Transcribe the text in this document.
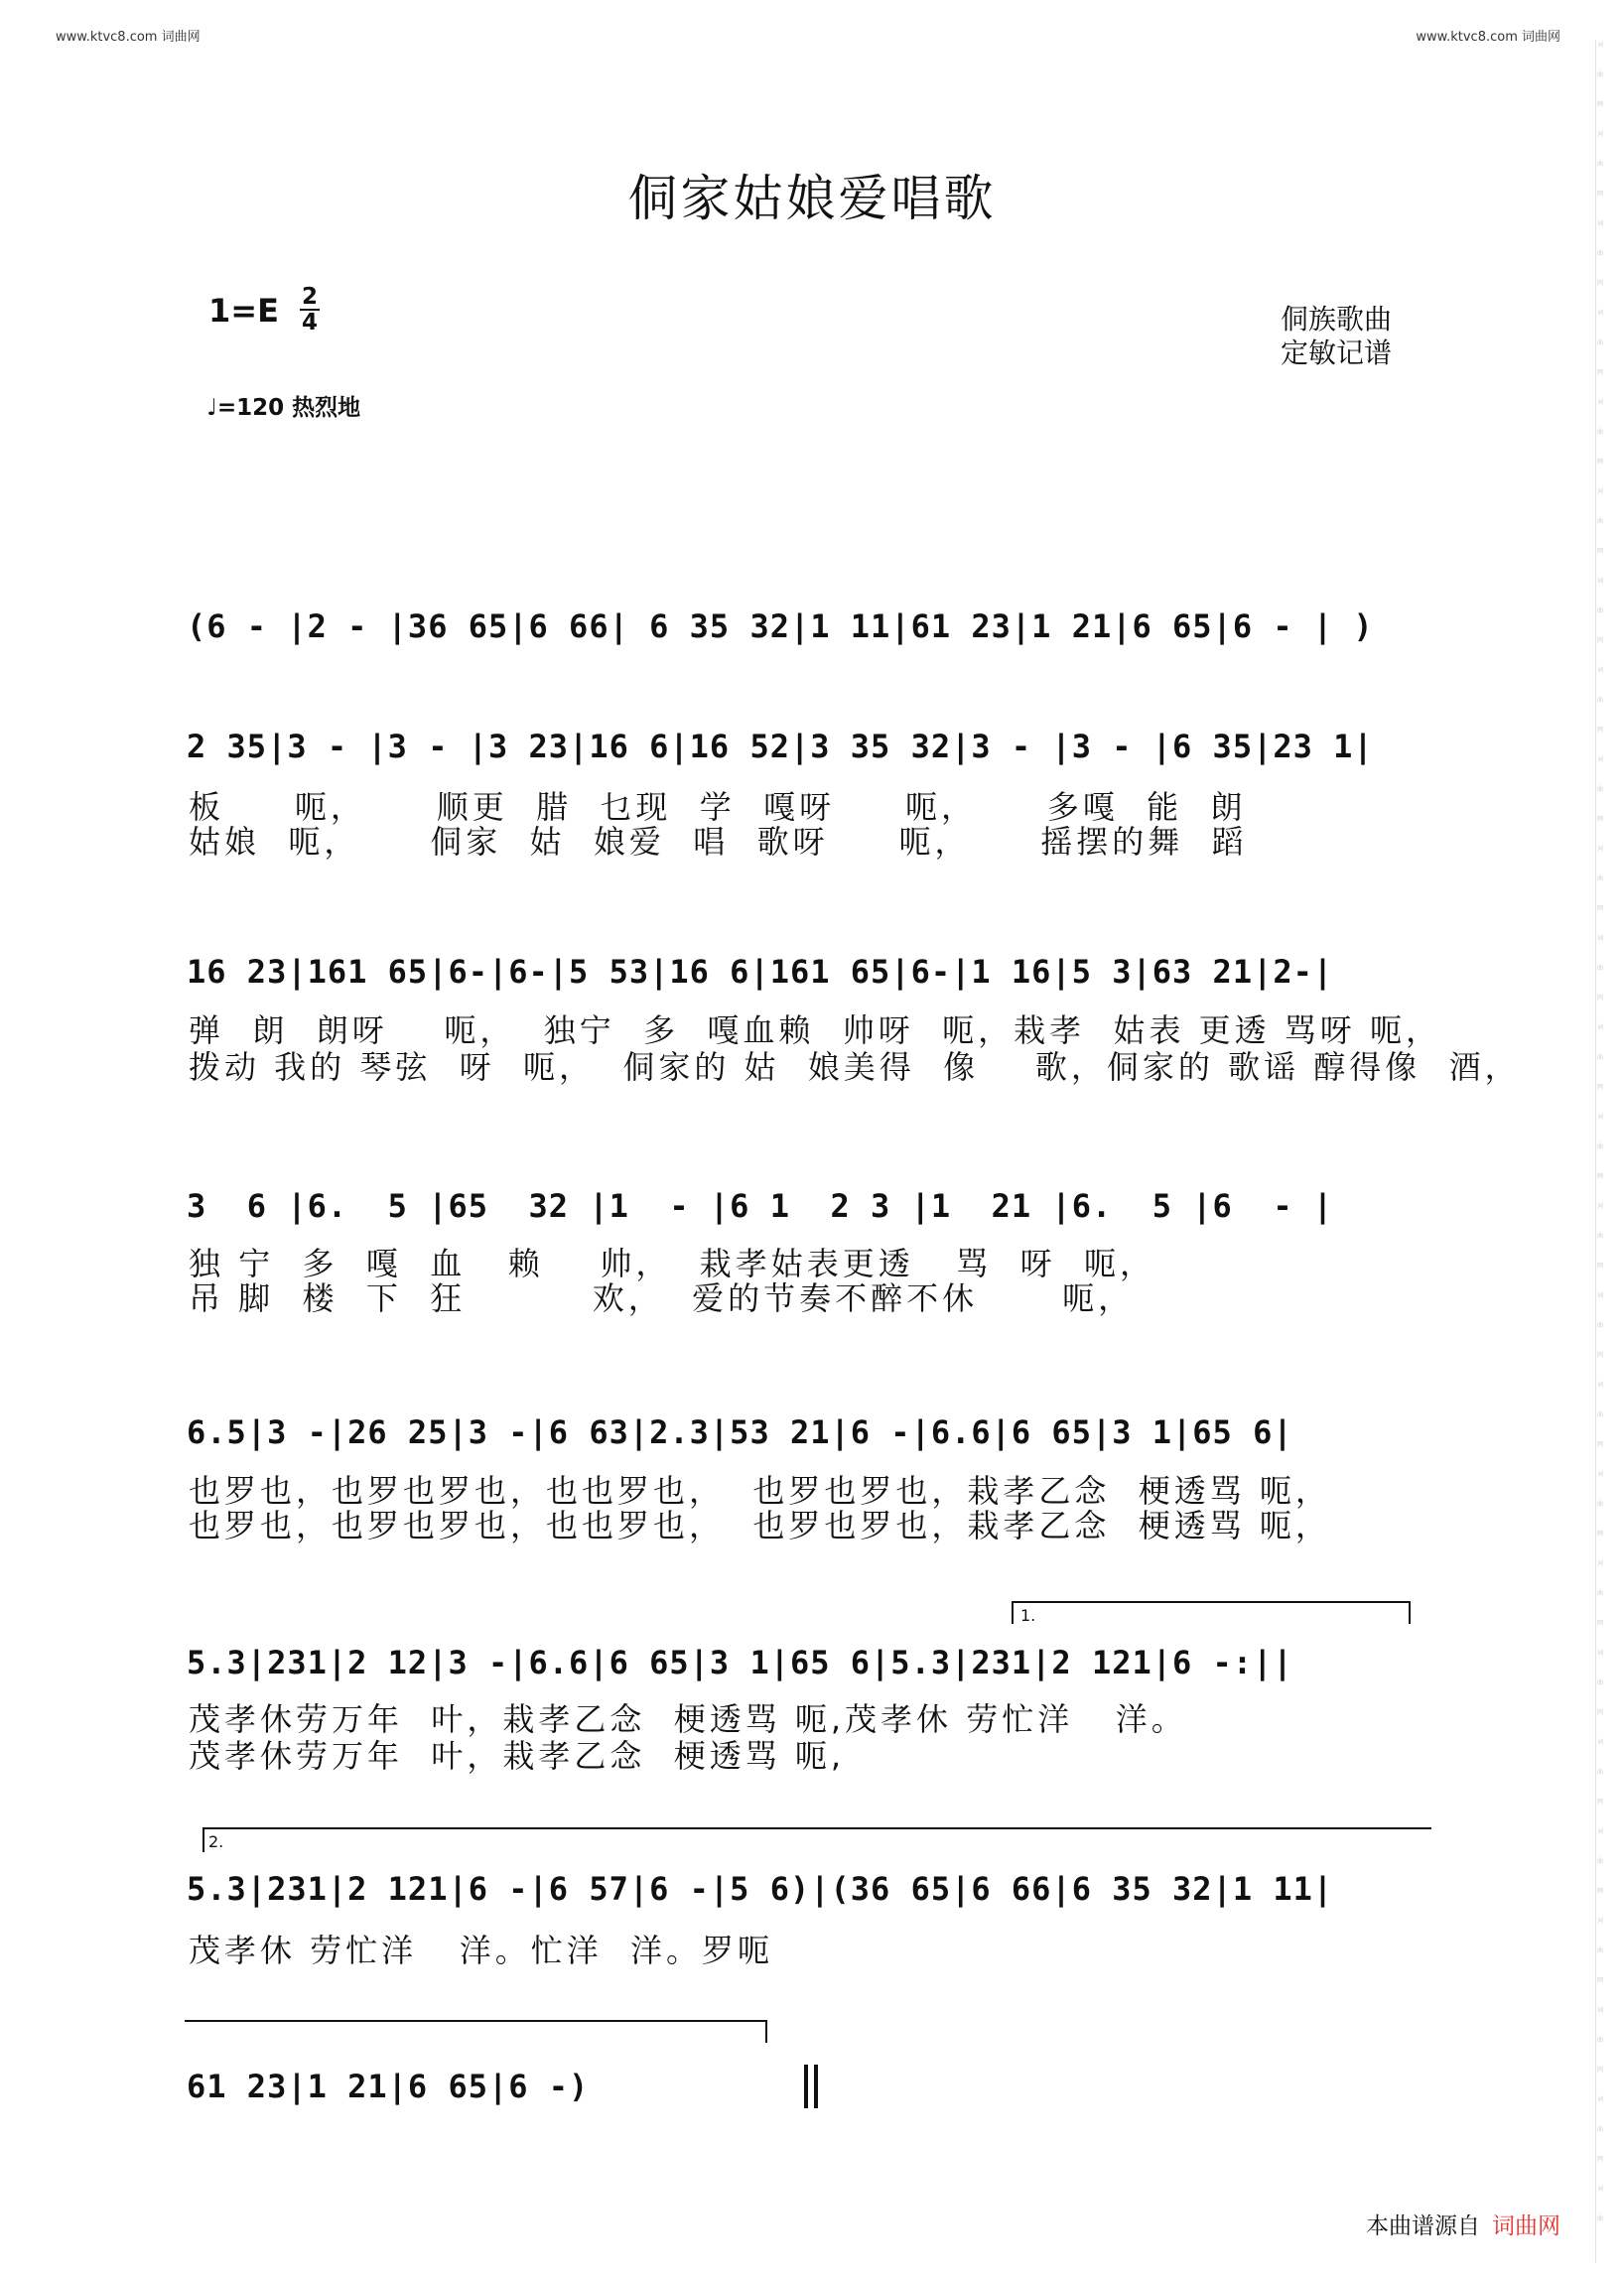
www.ktvc8.com 词曲网	www.ktvc8.com 词曲网
词
曲
网
词
曲
网
词
曲
网
词
曲
网
词
曲
网
词
曲
网
词
曲
网
词
曲
网
词
曲
网
词
曲
网
词
曲
网
词
曲
网
词
曲
网
词
曲
网
词
曲
网
词
曲
网
词
曲
网
词
曲
网
词
曲
网
词
曲
网
词
曲
网
词
曲
网
词
曲
网
词
曲
网
词
曲
侗家姑娘爱唱歌
1=E 2
4	侗族歌曲
定敏记谱
♩=120 热烈地
(6 - |2 - |36 65|6 66| 6 35 32|1 11|61 23|1 21|6 65|6 - | )
2 35|3 - |3 - |3 23|16 6|16 52|3 35 32|3 - |3 - |6 35|23 1|
板     呃，     顺更  腊  乜现  学  嘎呀     呃，     多嘎  能  朗
姑娘  呃，     侗家  姑  娘爱  唱  歌呀     呃，     摇摆的舞  蹈
16 23|161 65|6-|6-|5 53|16 6|161 65|6-|1 16|5 3|63 21|2-|
弹  朗  朗呀    呃，  独宁  多  嘎血赖  帅呀  呃，栽孝  姑表 更透 骂呀 呃，
拨动 我的 琴弦  呀  呃，  侗家的 姑  娘美得  像    歌，侗家的 歌谣 醇得像  酒，
3  6 |6.  5 |65  32 |1  - |6 1  2 3 |1  21 |6.  5 |6  - |
独 宁  多  嘎  血   赖    帅，  栽孝姑表更透   骂  呀  呃，
吊 脚  楼  下  狂         欢，  爱的节奏不醉不休      呃，
6.5|3 -|26 25|3 -|6 63|2.3|53 21|6 -|6.6|6 65|3 1|65 6|
也罗也，也罗也罗也，也也罗也，  也罗也罗也，栽孝乙念  梗透骂 呃，
也罗也，也罗也罗也，也也罗也，  也罗也罗也，栽孝乙念  梗透骂 呃，
5.3|231|2 12|3 -|6.6|6 65|3 1|65 6|5.3|231|2 121|6 -:||
茂孝休劳万年  叶，栽孝乙念  梗透骂 呃,茂孝休 劳忙洋   洋。
茂孝休劳万年  叶，栽孝乙念  梗透骂 呃,
5.3|231|2 121|6 -|6 57|6 -|5 6)|(36 65|6 66|6 35 32|1 11|
茂孝休 劳忙洋   洋。忙洋  洋。罗呃
61 23|1 21|6 65|6 -)
1.
2.
本曲谱源自 词曲网
